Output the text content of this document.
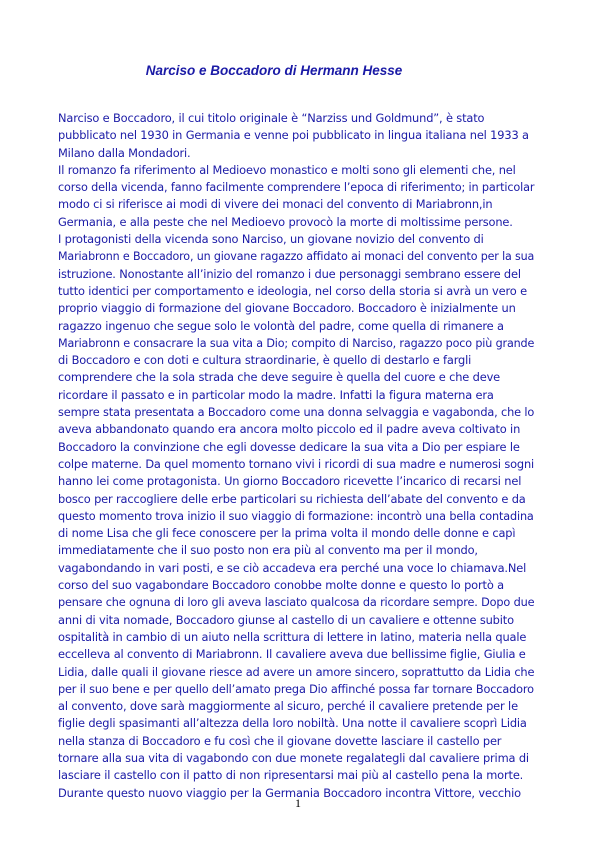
Narciso e Boccadoro di Hermann Hesse
Narciso e Boccadoro, il cui titolo originale è “Narziss und Goldmund”, è stato
pubblicato nel 1930 in Germania e venne poi pubblicato in lingua italiana nel 1933 a
Milano dalla Mondadori.
Il romanzo fa riferimento al Medioevo monastico e molti sono gli elementi che, nel
corso della vicenda, fanno facilmente comprendere l’epoca di riferimento; in particolar
modo ci si riferisce ai modi di vivere dei monaci del convento di Mariabronn,in
Germania, e alla peste che nel Medioevo provocò la morte di moltissime persone.
I protagonisti della vicenda sono Narciso, un giovane novizio del convento di
Mariabronn e Boccadoro, un giovane ragazzo affidato ai monaci del convento per la sua
istruzione. Nonostante all’inizio del romanzo i due personaggi sembrano essere del
tutto identici per comportamento e ideologia, nel corso della storia si avrà un vero e
proprio viaggio di formazione del giovane Boccadoro. Boccadoro è inizialmente un
ragazzo ingenuo che segue solo le volontà del padre, come quella di rimanere a
Mariabronn e consacrare la sua vita a Dio; compito di Narciso, ragazzo poco più grande
di Boccadoro e con doti e cultura straordinarie, è quello di destarlo e fargli
comprendere che la sola strada che deve seguire è quella del cuore e che deve
ricordare il passato e in particolar modo la madre. Infatti la figura materna era
sempre stata presentata a Boccadoro come una donna selvaggia e vagabonda, che lo
aveva abbandonato quando era ancora molto piccolo ed il padre aveva coltivato in
Boccadoro la convinzione che egli dovesse dedicare la sua vita a Dio per espiare le
colpe materne. Da quel momento tornano vivi i ricordi di sua madre e numerosi sogni
hanno lei come protagonista. Un giorno Boccadoro ricevette l’incarico di recarsi nel
bosco per raccogliere delle erbe particolari su richiesta dell’abate del convento e da
questo momento trova inizio il suo viaggio di formazione: incontrò una bella contadina
di nome Lisa che gli fece conoscere per la prima volta il mondo delle donne e capì
immediatamente che il suo posto non era più al convento ma per il mondo,
vagabondando in vari posti, e se ciò accadeva era perché una voce lo chiamava.Nel
corso del suo vagabondare Boccadoro conobbe molte donne e questo lo portò a
pensare che ognuna di loro gli aveva lasciato qualcosa da ricordare sempre. Dopo due
anni di vita nomade, Boccadoro giunse al castello di un cavaliere e ottenne subito
ospitalità in cambio di un aiuto nella scrittura di lettere in latino, materia nella quale
eccelleva al convento di Mariabronn. Il cavaliere aveva due bellissime figlie, Giulia e
Lidia, dalle quali il giovane riesce ad avere un amore sincero, soprattutto da Lidia che
per il suo bene e per quello dell’amato prega Dio affinché possa far tornare Boccadoro
al convento, dove sarà maggiormente al sicuro, perché il cavaliere pretende per le
figlie degli spasimanti all’altezza della loro nobiltà. Una notte il cavaliere scoprì Lidia
nella stanza di Boccadoro e fu così che il giovane dovette lasciare il castello per
tornare alla sua vita di vagabondo con due monete regalategli dal cavaliere prima di
lasciare il castello con il patto di non ripresentarsi mai più al castello pena la morte.
Durante questo nuovo viaggio per la Germania Boccadoro incontra Vittore, vecchio
1
